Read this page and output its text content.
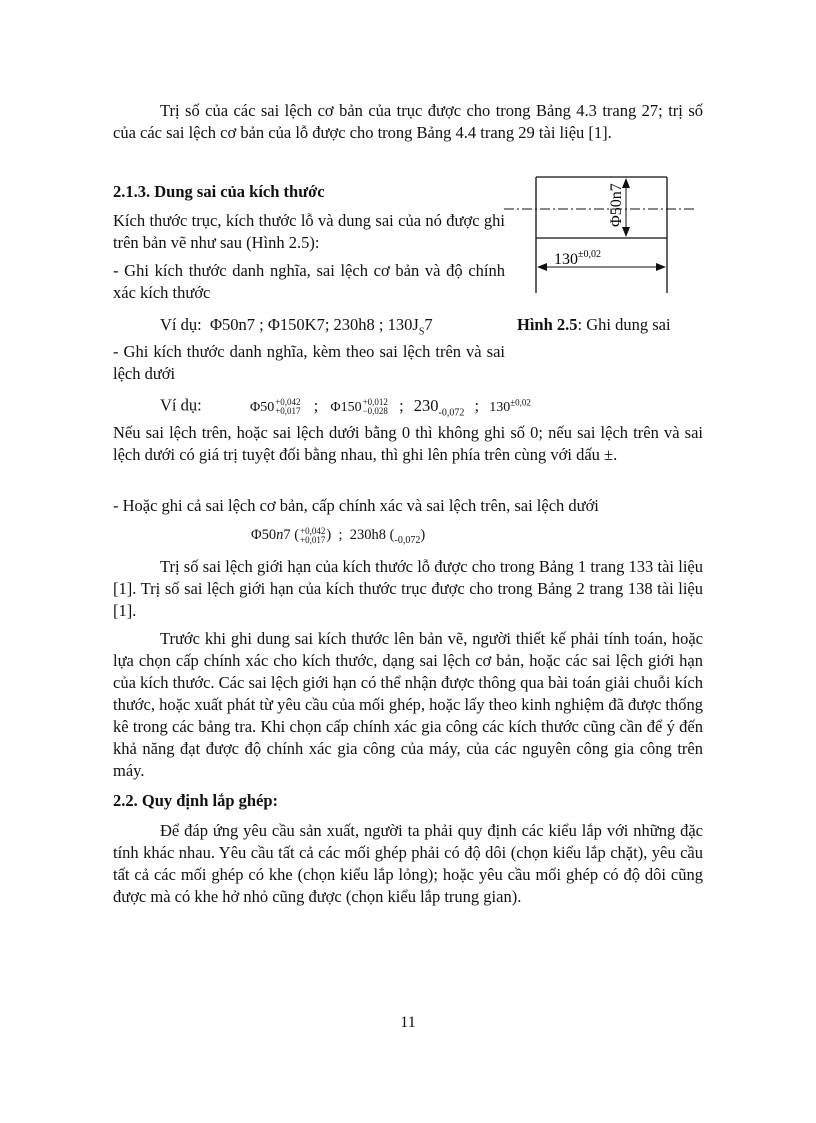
Trị số của các sai lệch cơ bản của trục được cho trong Bảng 4.3 trang 27; trị số của các sai lệch cơ bản của lỗ được cho trong Bảng 4.4 trang 29 tài liệu [1].
2.1.3. Dung sai của kích thước
Kích thước trục, kích thước lỗ và dung sai của nó được ghi trên bản vẽ như sau (Hình 2.5):
- Ghi kích thước danh nghĩa, sai lệch cơ bản và độ chính xác kích thước
Ví dụ: Φ50n7 ; Φ150K7; 230h8 ; $130J_S7$
Φ50n7
$130^{\pm 0,02}$
Hình 2.5: Ghi dung sai
- Ghi kích thước danh nghĩa, kèm theo sai lệch trên và sai lệch dưới
Ví dụ:	Φ50 +0,042
+0,017 ; Φ150 +0,012
−0,028 ; $230_{-0,072}$ ; $130^{\pm 0,02}$
Nếu sai lệch trên, hoặc sai lệch dưới bằng 0 thì không ghi số 0; nếu sai lệch trên và sai lệch dưới có giá trị tuyệt đối bằng nhau, thì ghi lên phía trên cùng với dấu ±.
- Hoặc ghi cả sai lệch cơ bản, cấp chính xác và sai lệch trên, sai lệch dưới
Φ50n7 ( +0,042
+0,017 )  ;  230h8 $(_{-0,072})$
Trị số sai lệch giới hạn của kích thước lỗ được cho trong Bảng 1 trang 133 tài liệu [1]. Trị số sai lệch giới hạn của kích thước trục được cho trong Bảng 2 trang 138 tài liệu [1].
Trước khi ghi dung sai kích thước lên bản vẽ, người thiết kế phải tính toán, hoặc lựa chọn cấp chính xác cho kích thước, dạng sai lệch cơ bản, hoặc các sai lệch giới hạn của kích thước. Các sai lệch giới hạn có thể nhận được thông qua bài toán giải chuỗi kích thước, hoặc xuất phát từ yêu cầu của mối ghép, hoặc lấy theo kinh nghiệm đã được thống kê trong các bảng tra. Khi chọn cấp chính xác gia công các kích thước cũng cần để ý đến khả năng đạt được độ chính xác gia công của máy, của các nguyên công gia công trên máy.
2.2. Quy định lắp ghép:
Để đáp ứng yêu cầu sản xuất, người ta phải quy định các kiểu lắp với những đặc tính khác nhau. Yêu cầu tất cả các mối ghép phải có độ dôi (chọn kiểu lắp chặt), yêu cầu tất cả các mối ghép có khe (chọn kiểu lắp lỏng); hoặc yêu cầu mối ghép có độ dôi cũng được mà có khe hở nhỏ cũng được (chọn kiểu lắp trung gian).
11
